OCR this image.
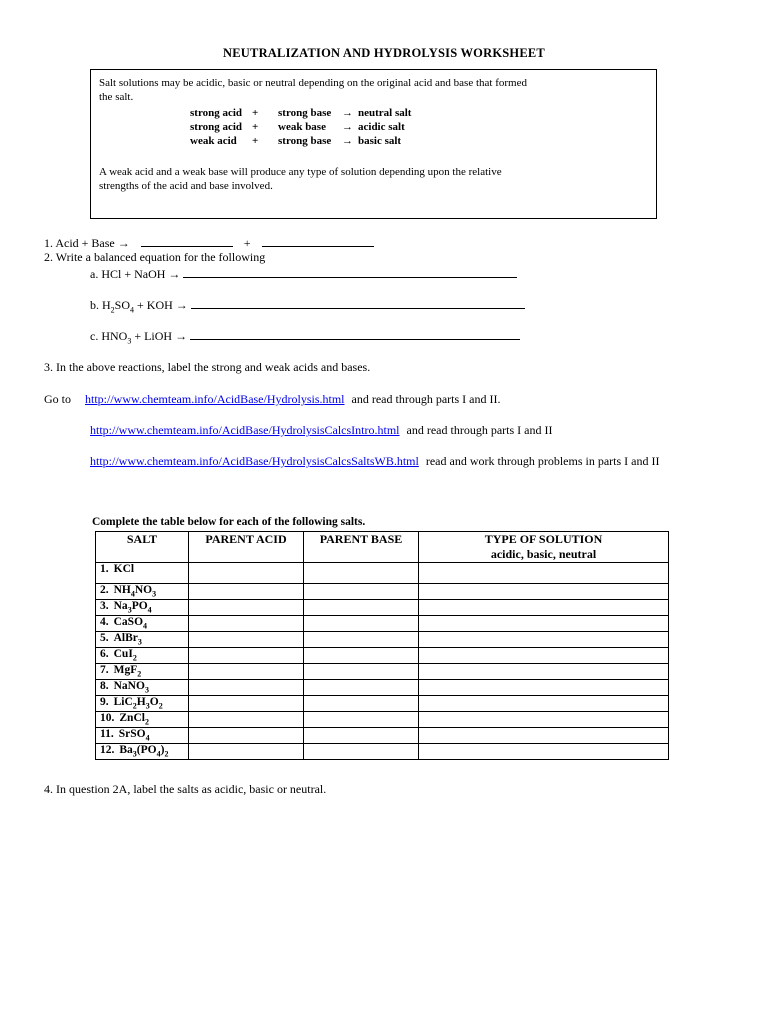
NEUTRALIZATION AND HYDROLYSIS WORKSHEET
Salt solutions may be acidic, basic or neutral depending on the original acid and base that formed
the salt.
strong acid + strong base → neutral salt
strong acid + weak base → acidic salt
weak acid + strong base → basic salt
A weak acid and a weak base will produce any type of solution depending upon the relative
strengths of the acid and base involved.
1. Acid + Base →	+
2. Write a balanced equation for the following
a. HCl + NaOH →
b. $H_2SO_4$ + KOH →
c. $HNO_3$ + LiOH →
3. In the above reactions, label the strong and weak acids and bases.
Go to http://www.chemteam.info/AcidBase/Hydrolysis.html and read through parts I and II.
http://www.chemteam.info/AcidBase/HydrolysisCalcsIntro.html and read through parts I and II
http://www.chemteam.info/AcidBase/HydrolysisCalcsSaltsWB.html read and work through problems in parts I and II
Complete the table below for each of the following salts.
SALT	PARENT ACID	PARENT BASE	TYPE OF SOLUTION
acidic, basic, neutral

1. KCl			
2. $NH_4NO_3$			
3. $Na_3PO_4$			
4. CaSO$_4$			
5. AlBr$_3$			
6. CuI$_2$			
7. MgF$_2$			
8. NaNO$_3$			
9. $LiC_2H_3O_2$			
10. ZnCl$_2$			
11. SrSO$_4$			
12. $Ba_3(PO_4)_2$			
4. In question 2A, label the salts as acidic, basic or neutral.
